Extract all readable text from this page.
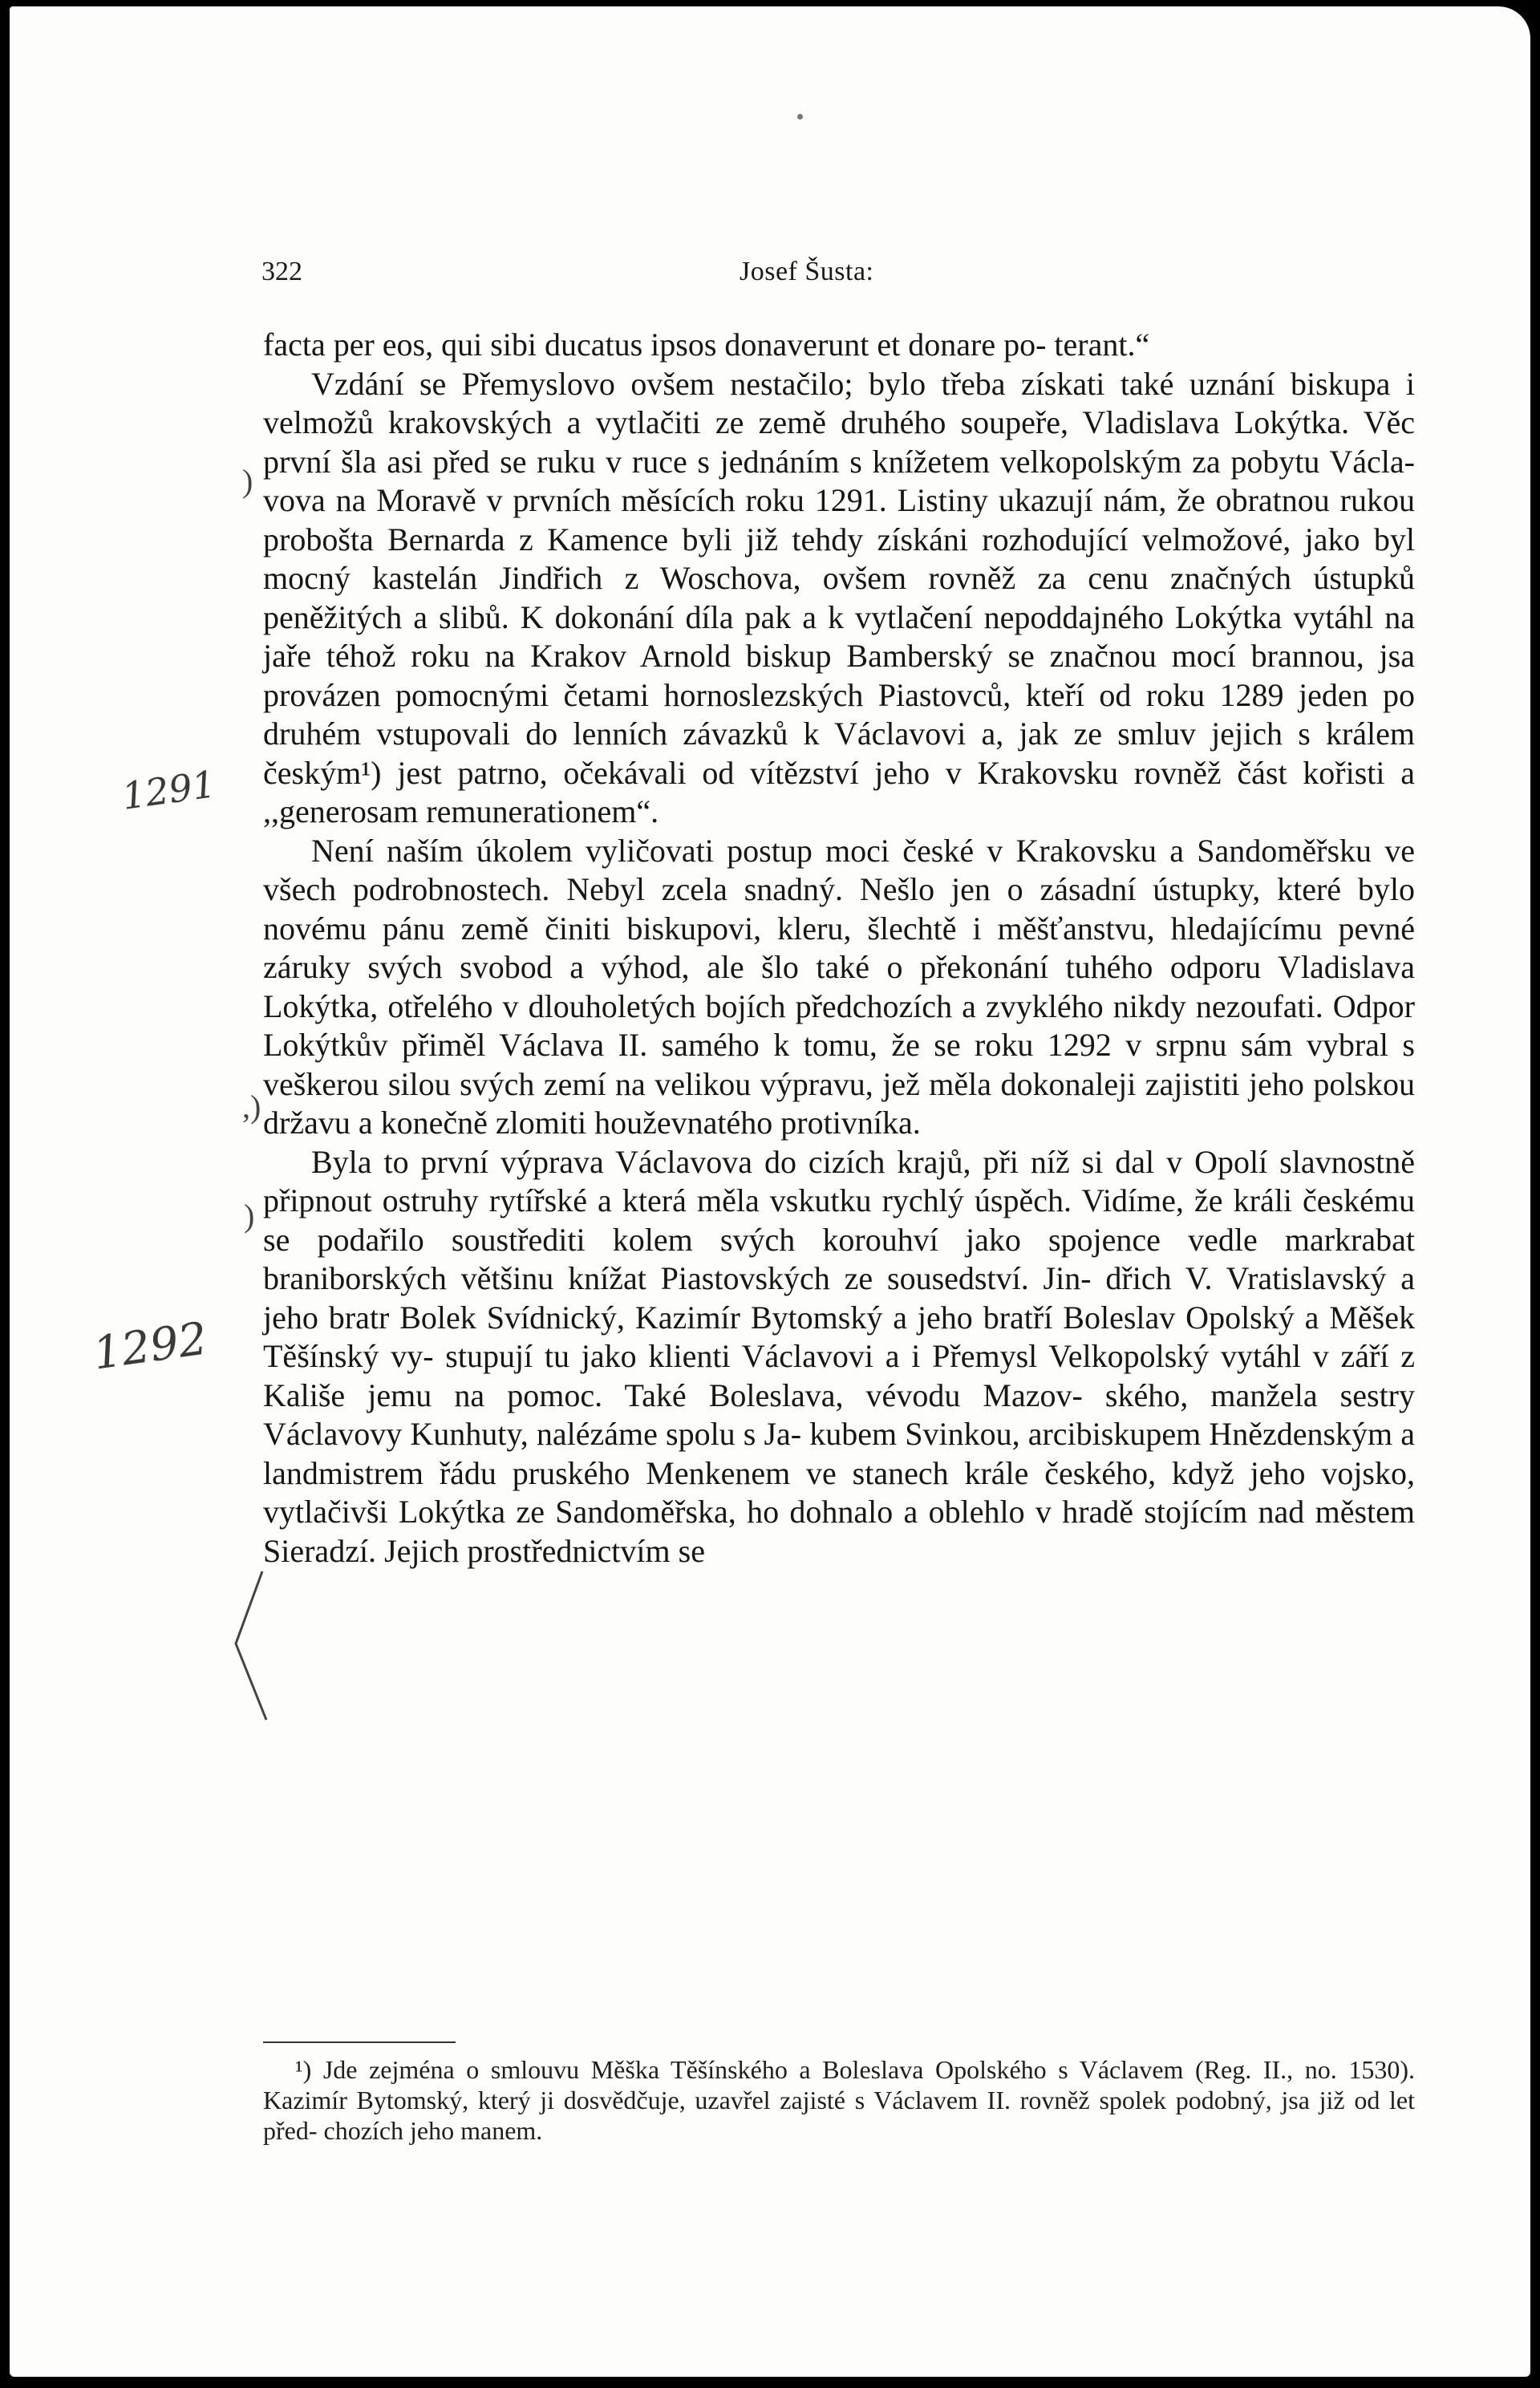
322	Josef Šusta:

facta per eos, qui sibi ducatus ipsos donaverunt et donare po- terant.“

Vzdání se Přemyslovo ovšem nestačilo; bylo třeba získati také uznání biskupa i velmožů krakovských a vytlačiti ze země druhého soupeře, Vladislava Lokýtka. Věc první šla asi před se ruku v ruce s jednáním s knížetem velkopolským za pobytu Václa- vova na Moravě v prvních měsících roku 1291. Listiny ukazují nám, že obratnou rukou probošta Bernarda z Kamence byli již tehdy získáni rozhodující velmožové, jako byl mocný kastelán Jindřich z Woschova, ovšem rovněž za cenu značných ústupků peněžitých a slibů. K dokonání díla pak a k vytlačení nepoddajného Lokýtka vytáhl na jaře téhož roku na Krakov Arnold biskup Bamberský se značnou mocí brannou, jsa provázen pomocnými četami hornoslezských Piastovců, kteří od roku 1289 jeden po druhém vstupovali do lenních závazků k Václavovi a, jak ze smluv jejich s králem českým¹) jest patrno, očekávali od vítězství jeho v Krakovsku rovněž část kořisti a ,,generosam remunerationem“.

Není naším úkolem vyličovati postup moci české v Krakovsku a Sandoměřsku ve všech podrobnostech. Nebyl zcela snadný. Nešlo jen o zásadní ústupky, které bylo novému pánu země činiti biskupovi, kleru, šlechtě i měšťanstvu, hledajícímu pevné záruky svých svobod a výhod, ale šlo také o překonání tuhého odporu Vladislava Lokýtka, otřelého v dlouholetých bojích předchozích a zvyklého nikdy nezoufati. Odpor Lokýtkův přiměl Václava II. samého k tomu, že se roku 1292 v srpnu sám vybral s veškerou silou svých zemí na velikou výpravu, jež měla dokonaleji zajistiti jeho polskou državu a konečně zlomiti houževnatého protivníka.

Byla to první výprava Václavova do cizích krajů, při níž si dal v Opolí slavnostně připnout ostruhy rytířské a která měla vskutku rychlý úspěch. Vidíme, že králi českému se podařilo soustřediti kolem svých korouhví jako spojence vedle markrabat braniborských většinu knížat Piastovských ze sousedství. Jin- dřich V. Vratislavský a jeho bratr Bolek Svídnický, Kazimír Bytomský a jeho bratří Boleslav Opolský a Měšek Těšínský vy- stupují tu jako klienti Václavovi a i Přemysl Velkopolský vytáhl v září z Kališe jemu na pomoc. Také Boleslava, vévodu Mazov- ského, manžela sestry Václavovy Kunhuty, nalézáme spolu s Ja- kubem Svinkou, arcibiskupem Hnězdenským a landmistrem řádu pruského Menkenem ve stanech krále českého, když jeho vojsko, vytlačivši Lokýtka ze Sandoměřska, ho dohnalo a oblehlo v hradě stojícím nad městem Sieradzí. Jejich prostřednictvím se

¹) Jde zejména o smlouvu Měška Těšínského a Boleslava Opolského s Václavem (Reg. II., no. 1530). Kazimír Bytomský, který ji dosvědčuje, uzavřel zajisté s Václavem II. rovněž spolek podobný, jsa již od let před- chozích jeho manem.

1291
1292
)
,)
)
